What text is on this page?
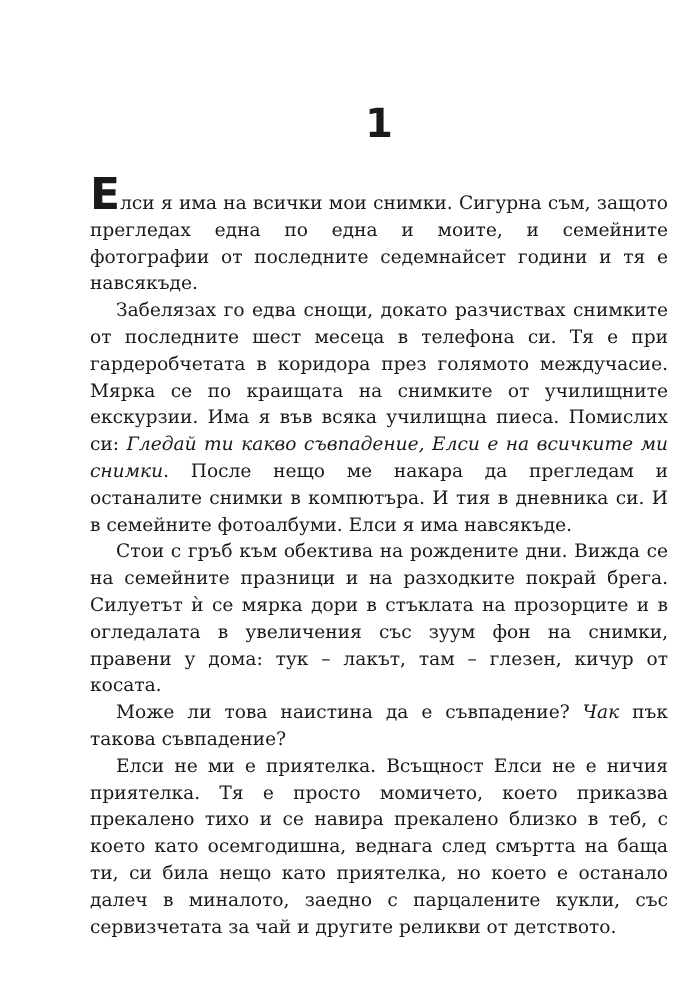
1

Елси я има на всички мои снимки. Сигурна съм, защото прегледах една по една и моите, и семейните фотографии от последните седемнайсет години и тя е навсякъде.

Забелязах го едва снощи, докато разчиствах снимките от последните шест месеца в телефона си. Тя е при гардеробчетата в коридора през голямото междучасие. Мярка се по краищата на снимките от училищните екскурзии. Има я във всяка училищна пиеса. Помислих си: Гледай ти какво съвпадение, Елси е на всичките ми снимки. После нещо ме накара да прегледам и останалите снимки в компютъра. И тия в дневника си. И в семейните фотоалбуми. Елси я има навсякъде.

Стои с гръб към обектива на рождените дни. Вижда се на семейните празници и на разходките покрай брега. Силуетът ѝ се мярка дори в стъклата на прозорците и в огледалата в увеличения със зуум фон на снимки, правени у дома: тук – лакът, там – глезен, кичур от косата.

Може ли това наистина да е съвпадение? Чак пък такова съвпадение?

Елси не ми е приятелка. Всъщност Елси не е ничия приятелка. Тя е просто момичето, което приказва прекалено тихо и се навира прекалено близко в теб, с което като осемгодишна, веднага след смъртта на баща ти, си била нещо като приятелка, но което е останало далеч в миналото, заедно с парцалените кукли, със сервизчетата за чай и другите реликви от детството.
